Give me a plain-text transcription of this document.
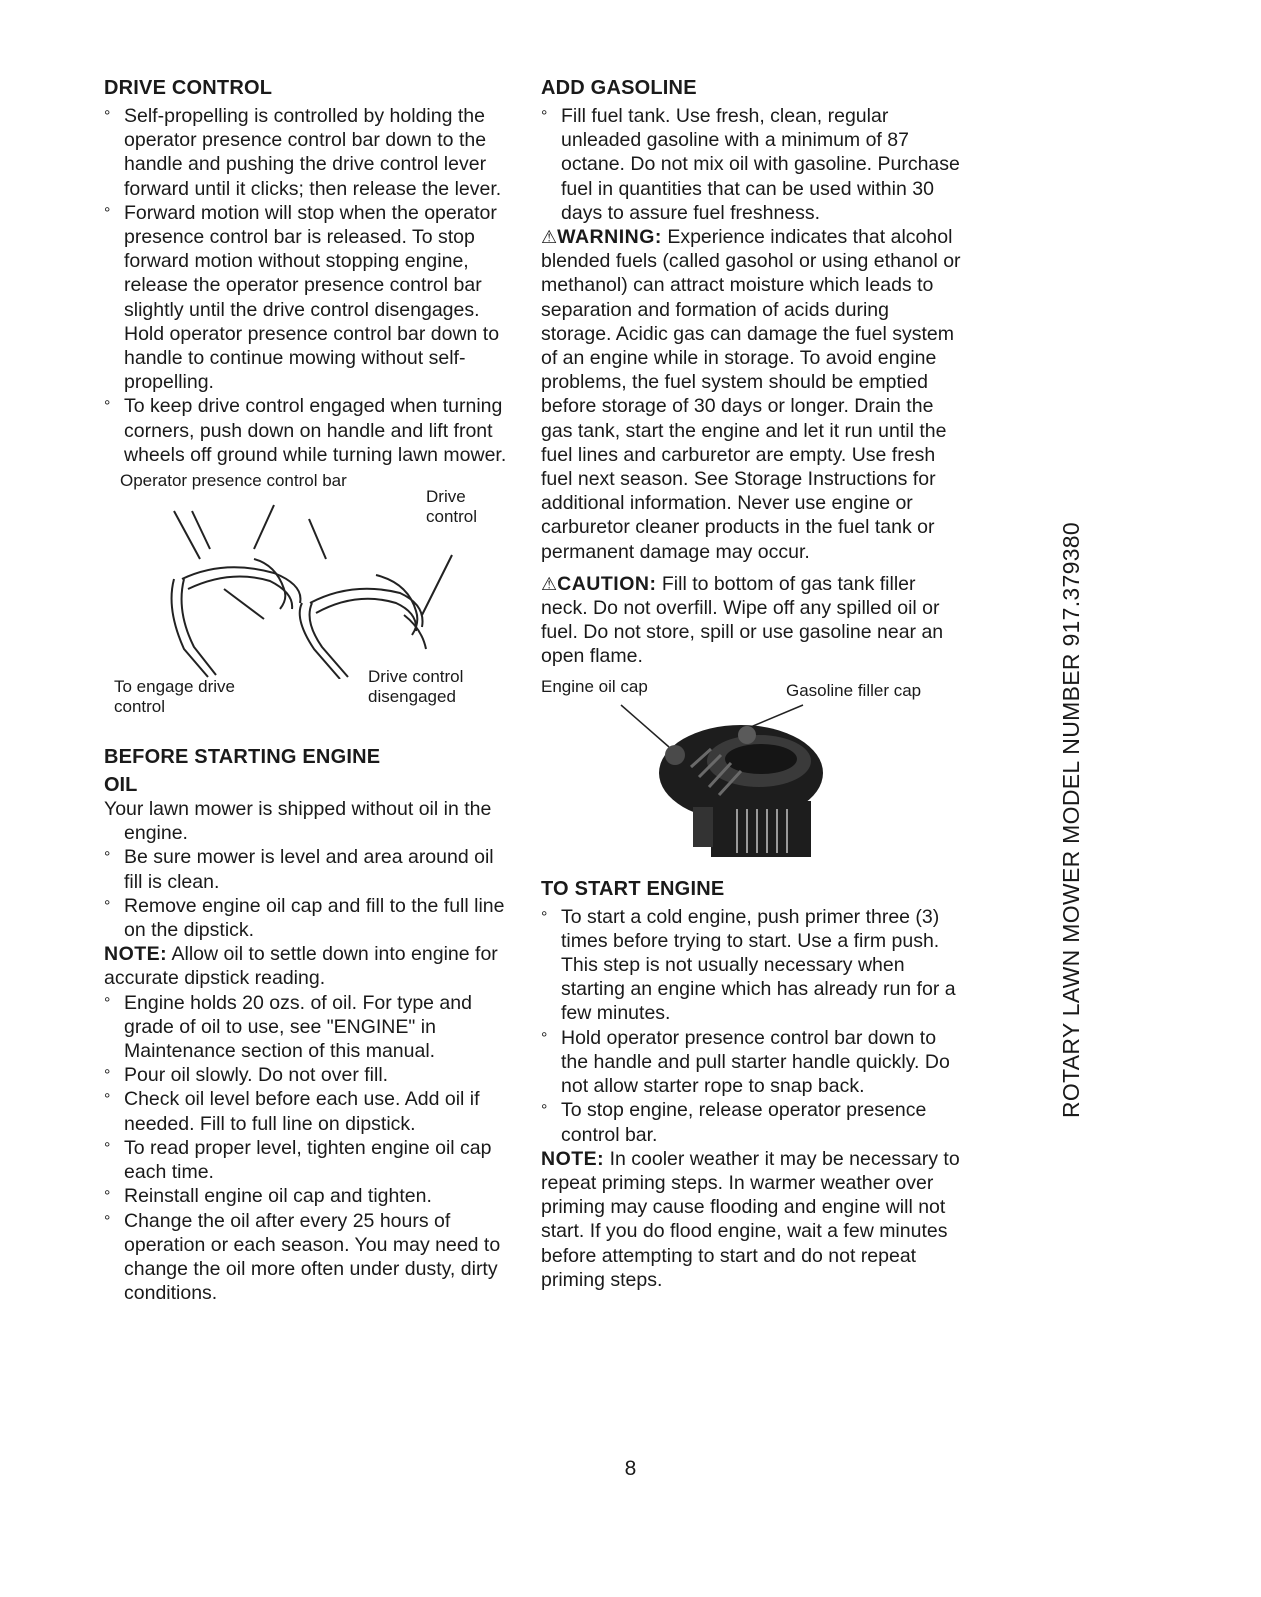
DRIVE CONTROL
° Self-propelling is controlled by holding the operator presence control bar down to the handle and pushing the drive control lever forward until it clicks; then release the lever.
° Forward motion will stop when the operator presence control bar is released. To stop forward motion without stopping engine, release the operator presence control bar slightly until the drive control disengages. Hold operator presence control bar down to handle to continue mowing without self-propelling.
° To keep drive control engaged when turning corners, push down on handle and lift front wheels off ground while turning lawn mower.
Operator presence control bar
Drive control
To engage drive control
Drive control disengaged
BEFORE STARTING ENGINE
OIL

Your lawn mower is shipped without oil in the engine.

° Be sure mower is level and area around oil fill is clean.
° Remove engine oil cap and fill to the full line on the dipstick.

NOTE: Allow oil to settle down into engine for accurate dipstick reading.

° Engine holds 20 ozs. of oil. For type and grade of oil to use, see "ENGINE" in Maintenance section of this manual.
° Pour oil slowly. Do not over fill.
° Check oil level before each use. Add oil if needed. Fill to full line on dipstick.
° To read proper level, tighten engine oil cap each time.
° Reinstall engine oil cap and tighten.
° Change the oil after every 25 hours of operation or each season. You may need to change the oil more often under dusty, dirty conditions.
ADD GASOLINE
° Fill fuel tank. Use fresh, clean, regular unleaded gasoline with a minimum of 87 octane. Do not mix oil with gasoline. Purchase fuel in quantities that can be used within 30 days to assure fuel freshness.

⚠WARNING: Experience indicates that alcohol blended fuels (called gasohol or using ethanol or methanol) can attract moisture which leads to separation and formation of acids during storage. Acidic gas can damage the fuel system of an engine while in storage. To avoid engine problems, the fuel system should be emptied before storage of 30 days or longer. Drain the gas tank, start the engine and let it run until the fuel lines and carburetor are empty. Use fresh fuel next season. See Storage Instructions for additional information. Never use engine or carburetor cleaner products in the fuel tank or permanent damage may occur.

⚠CAUTION: Fill to bottom of gas tank filler neck. Do not overfill. Wipe off any spilled oil or fuel. Do not store, spill or use gasoline near an open flame.

Engine oil cap	Gasoline filler cap
TO START ENGINE
° To start a cold engine, push primer three (3) times before trying to start. Use a firm push. This step is not usually necessary when starting an engine which has already run for a few minutes.
° Hold operator presence control bar down to the handle and pull starter handle quickly. Do not allow starter rope to snap back.
° To stop engine, release operator presence control bar.

NOTE: In cooler weather it may be necessary to repeat priming steps. In warmer weather over priming may cause flooding and engine will not start. If you do flood engine, wait a few minutes before attempting to start and do not repeat priming steps.

ROTARY LAWN MOWER MODEL NUMBER 917.379380
8
